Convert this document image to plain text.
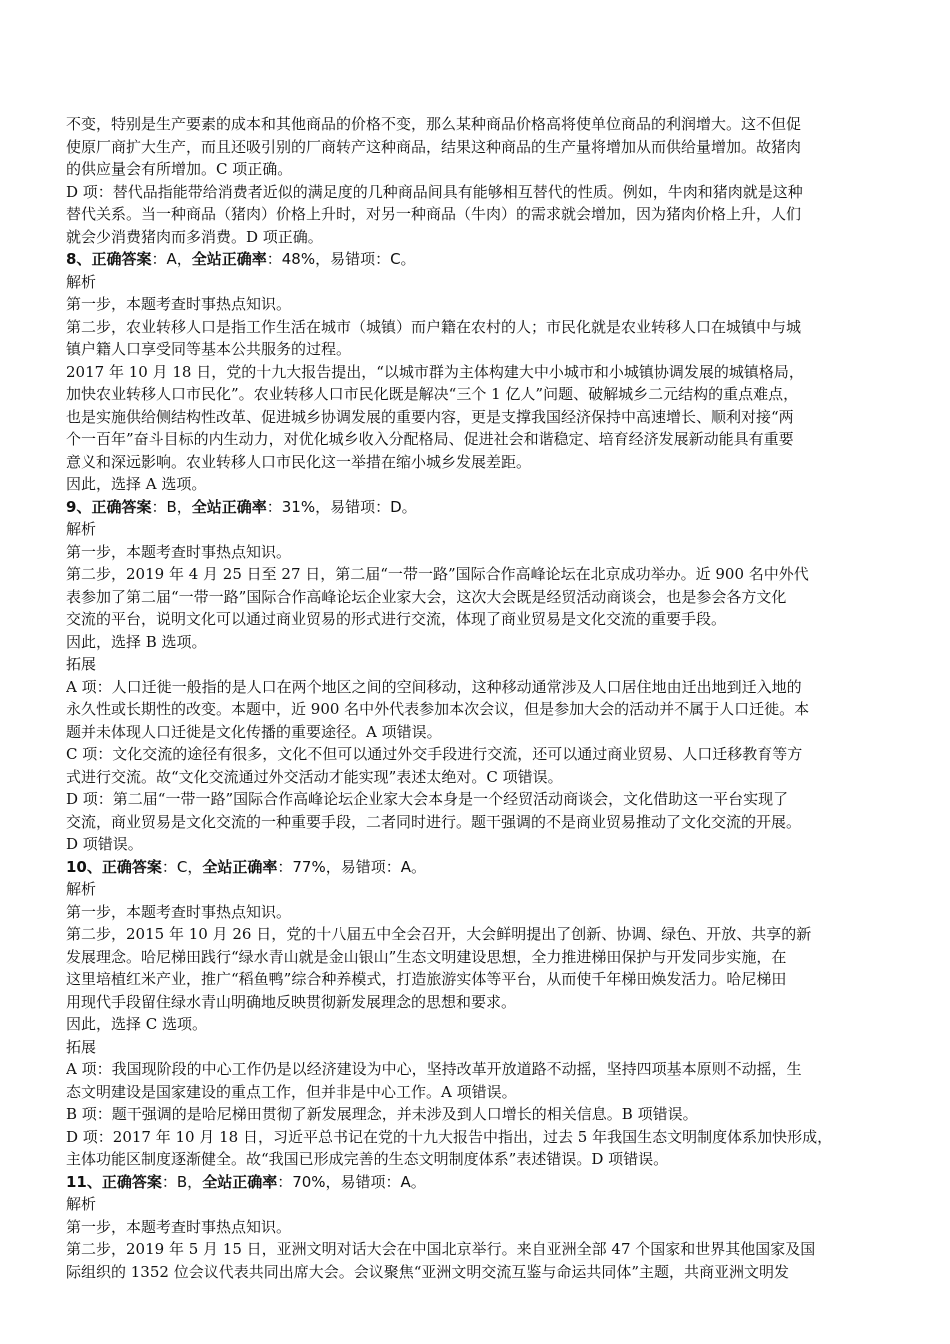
不变，特别是生产要素的成本和其他商品的价格不变，那么某种商品价格高将使单位商品的利润增大。这不但促
使原厂商扩大生产，而且还吸引别的厂商转产这种商品，结果这种商品的生产量将增加从而供给量增加。故猪肉
的供应量会有所增加。C 项正确。
D 项：替代品指能带给消费者近似的满足度的几种商品间具有能够相互替代的性质。例如，牛肉和猪肉就是这种
替代关系。当一种商品（猪肉）价格上升时，对另一种商品（牛肉）的需求就会增加，因为猪肉价格上升，人们
就会少消费猪肉而多消费。D 项正确。
8、正确答案：A，全站正确率：48%，易错项：C。
解析
第一步，本题考查时事热点知识。
第二步，农业转移人口是指工作生活在城市（城镇）而户籍在农村的人；市民化就是农业转移人口在城镇中与城
镇户籍人口享受同等基本公共服务的过程。
2017 年 10 月 18 日，党的十九大报告提出，“以城市群为主体构建大中小城市和小城镇协调发展的城镇格局，
加快农业转移人口市民化”。农业转移人口市民化既是解决“三个 1 亿人”问题、破解城乡二元结构的重点难点，
也是实施供给侧结构性改革、促进城乡协调发展的重要内容，更是支撑我国经济保持中高速增长、顺利对接“两
个一百年”奋斗目标的内生动力，对优化城乡收入分配格局、促进社会和谐稳定、培育经济发展新动能具有重要
意义和深远影响。农业转移人口市民化这一举措在缩小城乡发展差距。
因此，选择 A 选项。
9、正确答案：B，全站正确率：31%，易错项：D。
解析
第一步，本题考查时事热点知识。
第二步，2019 年 4 月 25 日至 27 日，第二届“一带一路”国际合作高峰论坛在北京成功举办。近 900 名中外代
表参加了第二届“一带一路”国际合作高峰论坛企业家大会，这次大会既是经贸活动商谈会，也是参会各方文化
交流的平台，说明文化可以通过商业贸易的形式进行交流，体现了商业贸易是文化交流的重要手段。
因此，选择 B 选项。
拓展
A 项：人口迁徙一般指的是人口在两个地区之间的空间移动，这种移动通常涉及人口居住地由迁出地到迁入地的
永久性或长期性的改变。本题中，近 900 名中外代表参加本次会议，但是参加大会的活动并不属于人口迁徙。本
题并未体现人口迁徙是文化传播的重要途径。A 项错误。
C 项：文化交流的途径有很多，文化不但可以通过外交手段进行交流，还可以通过商业贸易、人口迁移教育等方
式进行交流。故“文化交流通过外交活动才能实现”表述太绝对。C 项错误。
D 项：第二届“一带一路”国际合作高峰论坛企业家大会本身是一个经贸活动商谈会，文化借助这一平台实现了
交流，商业贸易是文化交流的一种重要手段，二者同时进行。题干强调的不是商业贸易推动了文化交流的开展。
D 项错误。
10、正确答案：C，全站正确率：77%，易错项：A。
解析
第一步，本题考查时事热点知识。
第二步，2015 年 10 月 26 日，党的十八届五中全会召开，大会鲜明提出了创新、协调、绿色、开放、共享的新
发展理念。哈尼梯田践行“绿水青山就是金山银山”生态文明建设思想，全力推进梯田保护与开发同步实施，在
这里培植红米产业，推广“稻鱼鸭”综合种养模式，打造旅游实体等平台，从而使千年梯田焕发活力。哈尼梯田
用现代手段留住绿水青山明确地反映贯彻新发展理念的思想和要求。
因此，选择 C 选项。
拓展
A 项：我国现阶段的中心工作仍是以经济建设为中心，坚持改革开放道路不动摇，坚持四项基本原则不动摇，生
态文明建设是国家建设的重点工作，但并非是中心工作。A 项错误。
B 项：题干强调的是哈尼梯田贯彻了新发展理念，并未涉及到人口增长的相关信息。B 项错误。
D 项：2017 年 10 月 18 日，习近平总书记在党的十九大报告中指出，过去 5 年我国生态文明制度体系加快形成，
主体功能区制度逐渐健全。故“我国已形成完善的生态文明制度体系”表述错误。D 项错误。
11、正确答案：B，全站正确率：70%，易错项：A。
解析
第一步，本题考查时事热点知识。
第二步，2019 年 5 月 15 日，亚洲文明对话大会在中国北京举行。来自亚洲全部 47 个国家和世界其他国家及国
际组织的 1352 位会议代表共同出席大会。会议聚焦“亚洲文明交流互鉴与命运共同体”主题，共商亚洲文明发
